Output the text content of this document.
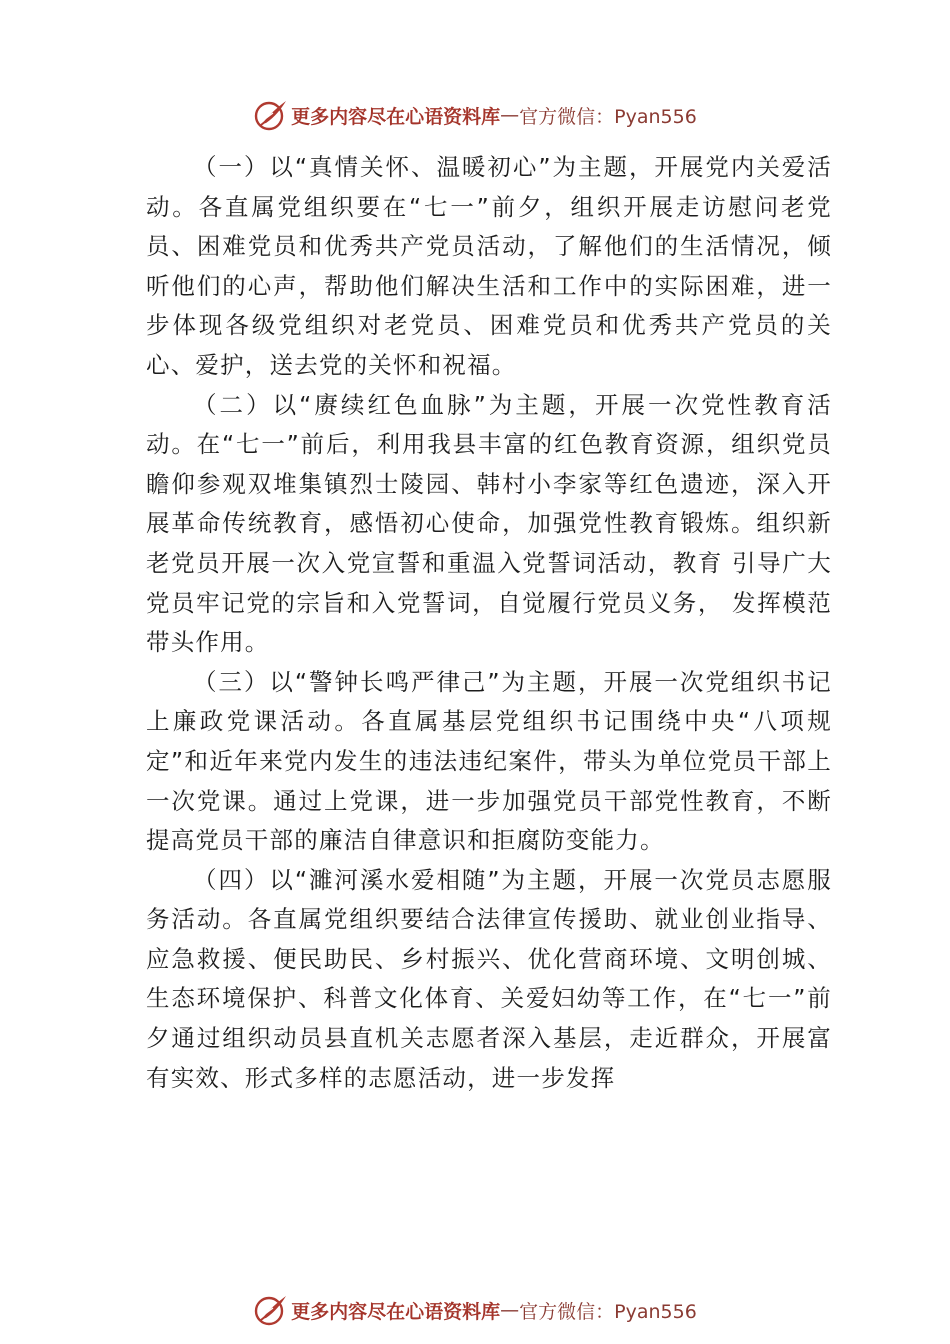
更多内容尽在心语资料库 — 官方微信：Pyan556

（一）以“真情关怀、温暖初心”为主题，开展党内关爱活动。各直属党组织要在“七一”前夕，组织开展走访慰问老党员、困难党员和优秀共产党员活动，了解他们的生活情况，倾听他们的心声，帮助他们解决生活和工作中的实际困难，进一步体现各级党组织对老党员、困难党员和优秀共产党员的关心、爱护，送去党的关怀和祝福。

（二）以“赓续红色血脉”为主题，开展一次党性教育活动。在“七一”前后，利用我县丰富的红色教育资源，组织党员瞻仰参观双堆集镇烈士陵园、韩村小李家等红色遗迹，深入开展革命传统教育，感悟初心使命，加强党性教育锻炼。组织新老党员开展一次入党宣誓和重温入党誓词活动，教育 引导广大党员牢记党的宗旨和入党誓词，自觉履行党员义务， 发挥模范带头作用。

（三）以“警钟长鸣严律己”为主题，开展一次党组织书记上廉政党课活动。各直属基层党组织书记围绕中央“八项规定”和近年来党内发生的违法违纪案件，带头为单位党员干部上一次党课。通过上党课，进一步加强党员干部党性教育，不断提高党员干部的廉洁自律意识和拒腐防变能力。

（四）以“濉河溪水爱相随”为主题，开展一次党员志愿服务活动。各直属党组织要结合法律宣传援助、就业创业指导、应急救援、便民助民、乡村振兴、优化营商环境、文明创城、生态环境保护、科普文化体育、关爱妇幼等工作，在“七一”前夕通过组织动员县直机关志愿者深入基层，走近群众，开展富有实效、形式多样的志愿活动，进一步发挥

更多内容尽在心语资料库 — 官方微信：Pyan556
